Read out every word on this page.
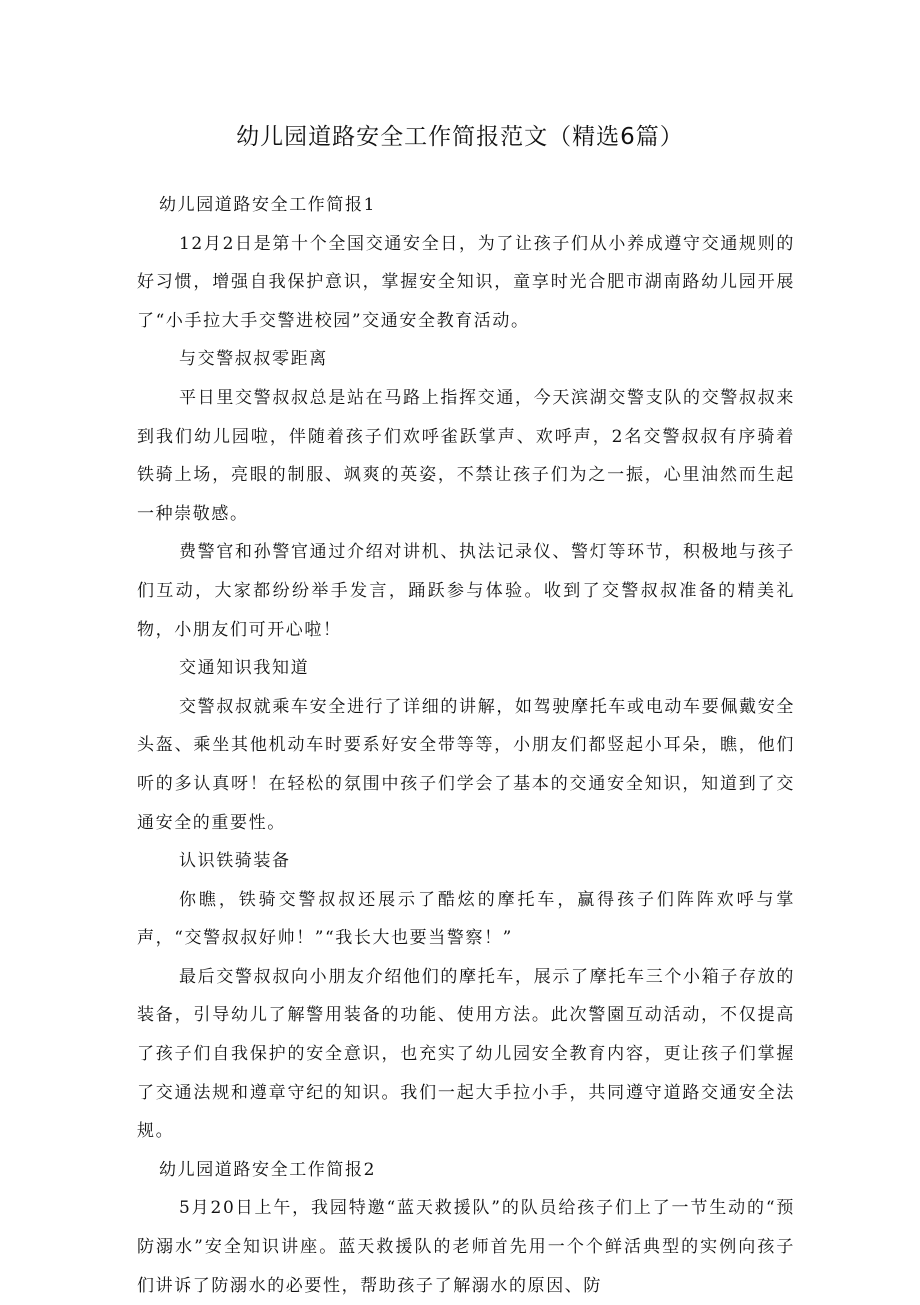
幼儿园道路安全工作简报范文（精选6篇）

幼儿园道路安全工作简报1

12月2日是第十个全国交通安全日，为了让孩子们从小养成遵守交通规则的好习惯，增强自我保护意识，掌握安全知识，童享时光合肥市湖南路幼儿园开展了“小手拉大手交警进校园”交通安全教育活动。

与交警叔叔零距离

平日里交警叔叔总是站在马路上指挥交通，今天滨湖交警支队的交警叔叔来到我们幼儿园啦，伴随着孩子们欢呼雀跃掌声、欢呼声，2名交警叔叔有序骑着铁骑上场，亮眼的制服、飒爽的英姿，不禁让孩子们为之一振，心里油然而生起一种崇敬感。

费警官和孙警官通过介绍对讲机、执法记录仪、警灯等环节，积极地与孩子们互动，大家都纷纷举手发言，踊跃参与体验。收到了交警叔叔准备的精美礼物，小朋友们可开心啦！

交通知识我知道

交警叔叔就乘车安全进行了详细的讲解，如驾驶摩托车或电动车要佩戴安全头盔、乘坐其他机动车时要系好安全带等等，小朋友们都竖起小耳朵，瞧，他们听的多认真呀！在轻松的氛围中孩子们学会了基本的交通安全知识，知道到了交通安全的重要性。

认识铁骑装备

你瞧，铁骑交警叔叔还展示了酷炫的摩托车，赢得孩子们阵阵欢呼与掌声，“交警叔叔好帅！”“我长大也要当警察！”

最后交警叔叔向小朋友介绍他们的摩托车，展示了摩托车三个小箱子存放的装备，引导幼儿了解警用装备的功能、使用方法。此次警園互动活动，不仅提高了孩子们自我保护的安全意识，也充实了幼儿园安全教育内容，更让孩子们掌握了交通法规和遵章守纪的知识。我们一起大手拉小手，共同遵守道路交通安全法规。

幼儿园道路安全工作简报2

5月20日上午，我园特邀“蓝天救援队”的队员给孩子们上了一节生动的“预防溺水”安全知识讲座。蓝天救援队的老师首先用一个个鲜活典型的实例向孩子们讲诉了防溺水的必要性，帮助孩子了解溺水的原因、防
